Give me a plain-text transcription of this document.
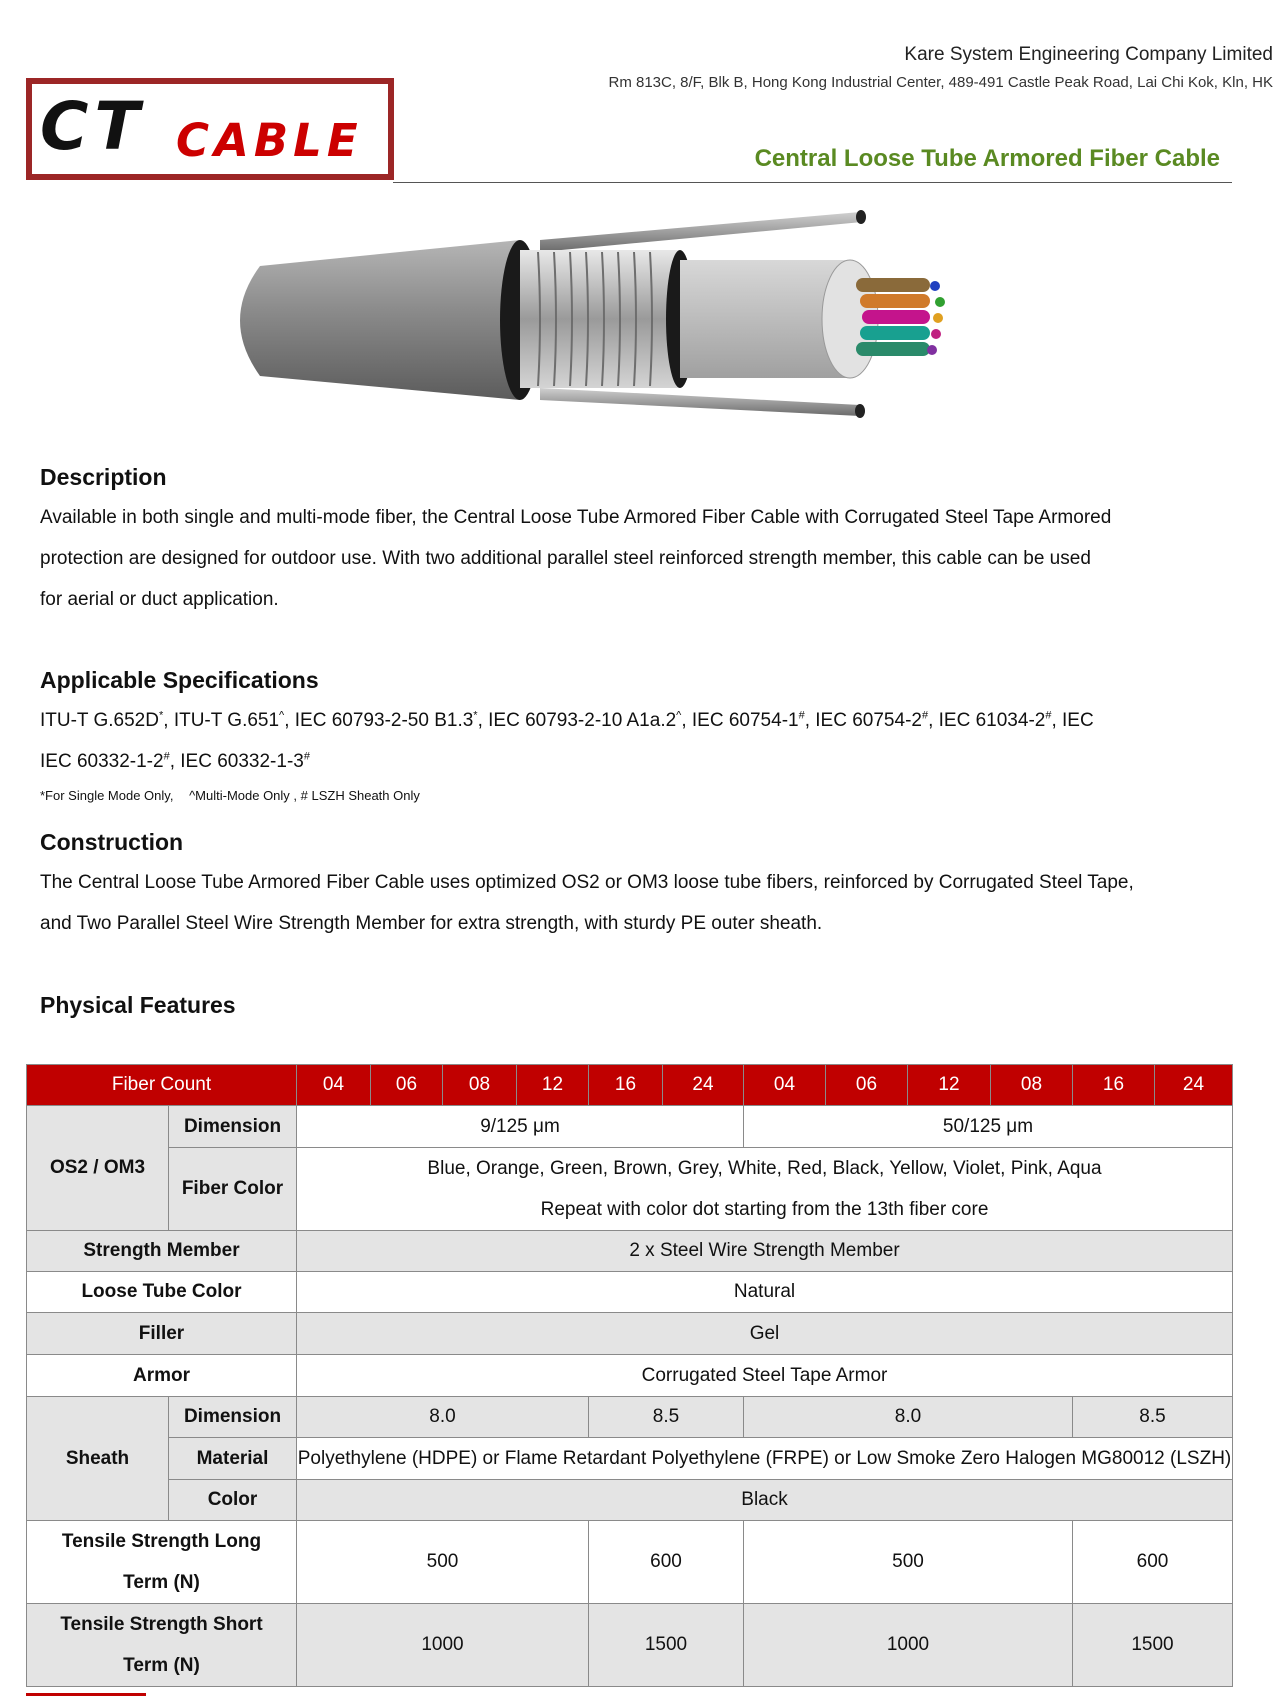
Kare System Engineering Company Limited
Rm 813C, 8/F, Blk B, Hong Kong Industrial Center, 489-491 Castle Peak Road, Lai Chi Kok, Kln, HK
CT CABLE	Central Loose Tube Armored Fiber Cable
Description
Available in both single and multi-mode fiber, the Central Loose Tube Armored Fiber Cable with Corrugated Steel Tape Armored
protection are designed for outdoor use. With two additional parallel steel reinforced strength member, this cable can be used
for aerial or duct application.
Applicable Specifications
ITU-T G.652D*, ITU-T G.651^, IEC 60793-2-50 B1.3*, IEC 60793-2-10 A1a.2^, IEC 60754-1#, IEC 60754-2#, IEC 61034-2#, IEC
IEC 60332-1-2#, IEC 60332-1-3#
*For Single Mode Only, ^Multi-Mode Only , # LSZH Sheath Only
Construction
The Central Loose Tube Armored Fiber Cable uses optimized OS2 or OM3 loose tube fibers, reinforced by Corrugated Steel Tape,
and Two Parallel Steel Wire Strength Member for extra strength, with sturdy PE outer sheath.
Physical Features
Fiber Count		04	06	08	12	16	24	04	06	12	08	16	24
OS2 / OM3	Dimension	9/125 μm						50/125 μm					
	Fiber Color	Blue, Orange, Green, Brown, Grey, White, Red, Black, Yellow, Violet, Pink, Aqua
Repeat with color dot starting from the 13th fiber core											

Strength Member		2 x Steel Wire Strength Member											
Loose Tube Color		Natural											
Filler		Gel											
Armor		Corrugated Steel Tape Armor											
Sheath	Dimension	8.0				8.5		8.0				8.5	
	Material	Polyethylene (HDPE) or Flame Retardant Polyethylene (FRPE) or Low Smoke Zero Halogen MG80012 (LSZH)											
	Color	Black											

Tensile Strength Long
Term (N)		500				600		500				600	

Tensile Strength Short
Term (N)		1000				1500		1000				1500	
